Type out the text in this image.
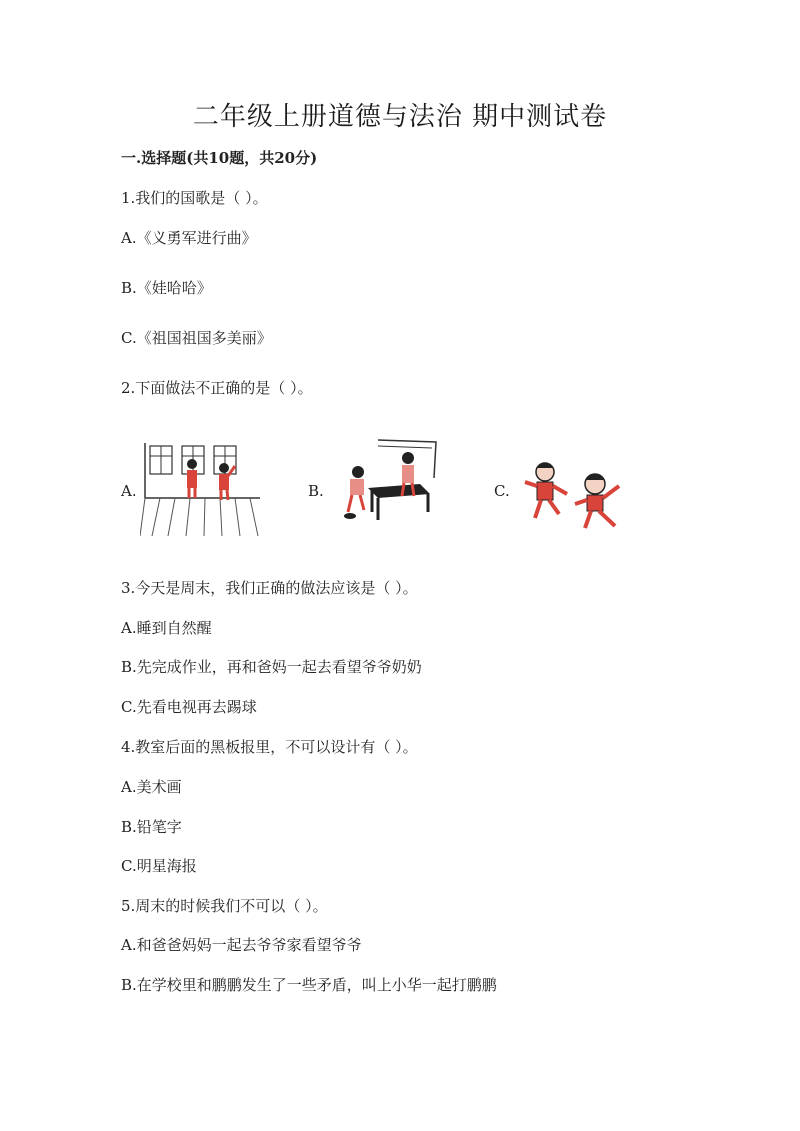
二年级上册道德与法治 期中测试卷
一.选择题(共10题，共20分)
1.我们的国歌是（ ）。
A.《义勇军进行曲》
B.《娃哈哈》
C.《祖国祖国多美丽》
2.下面做法不正确的是（ ）。
A.	B.	C.
3.今天是周末，我们正确的做法应该是（ ）。
A.睡到自然醒
B.先完成作业，再和爸妈一起去看望爷爷奶奶
C.先看电视再去踢球
4.教室后面的黑板报里，不可以设计有（ ）。
A.美术画
B.铅笔字
C.明星海报
5.周末的时候我们不可以（ ）。
A.和爸爸妈妈一起去爷爷家看望爷爷
B.在学校里和鹏鹏发生了一些矛盾，叫上小华一起打鹏鹏
